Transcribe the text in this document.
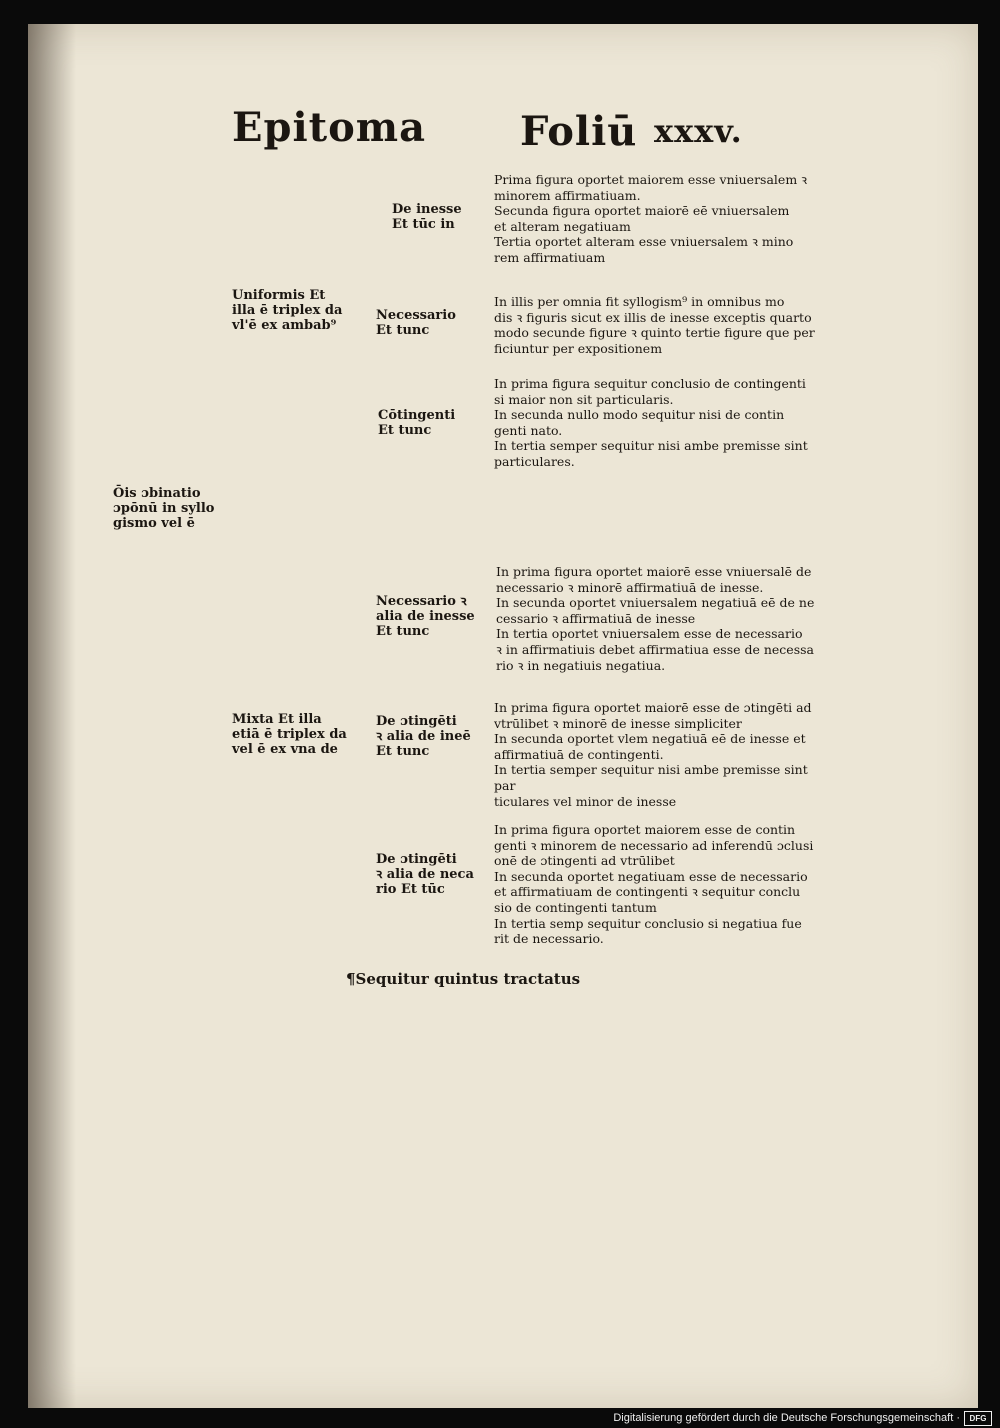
Epitoma Foliū xxxv.
Ōis ɔbinatio
ɔpōnū in syllo
gismo vel ē
Uniformis Et
illa ē triplex da
vl'ē ex ambab⁹
Mixta Et illa
etiā ē triplex da
vel ē ex vna de
De inesse
Et tūc in
Necessario
Et tunc
Cōtingenti
Et tunc
Necessario ꝛ
alia de inesse
Et tunc
De ɔtingēti
ꝛ alia de ineē
Et tunc
De ɔtingēti
ꝛ alia de neca
rio Et tūc

Prima figura oportet maiorem esse vniuersalem ꝛ

minorem affirmatiuam.

Secunda figura oportet maiorē eē vniuersalem

et alteram negatiuam

Tertia oportet alteram esse vniuersalem ꝛ mino

rem affirmatiuam

In illis per omnia fit syllogism⁹ in omnibus mo

dis ꝛ figuris sicut ex illis de inesse exceptis quarto

modo secunde figure ꝛ quinto tertie figure que per

ficiuntur per expositionem

In prima figura sequitur conclusio de contingenti

si maior non sit particularis.

In secunda nullo modo sequitur nisi de contin

genti nato.

In tertia semper sequitur nisi ambe premisse sint

particulares.

In prima figura oportet maiorē esse vniuersalē de

necessario ꝛ minorē affirmatiuā de inesse.

In secunda oportet vniuersalem negatiuā eē de ne

cessario ꝛ affirmatiuā de inesse

In tertia oportet vniuersalem esse de necessario

ꝛ in affirmatiuis debet affirmatiua esse de necessa

rio ꝛ in negatiuis negatiua.

In prima figura oportet maiorē esse de ɔtingēti ad

vtrūlibet ꝛ minorē de inesse simpliciter

In secunda oportet vlem negatiuā eē de inesse et

affirmatiuā de contingenti.

In tertia semper sequitur nisi ambe premisse sint par

ticulares vel minor de inesse

In prima figura oportet maiorem esse de contin

genti ꝛ minorem de necessario ad inferendū ɔclusi

onē de ɔtingenti ad vtrūlibet

In secunda oportet negatiuam esse de necessario

et affirmatiuam de contingenti ꝛ sequitur conclu

sio de contingenti tantum

In tertia semp sequitur conclusio si negatiua fue

rit de necessario.

¶Sequitur quintus tractatus
Digitalisierung gefördert durch die Deutsche Forschungsgemeinschaft ·	DFG
